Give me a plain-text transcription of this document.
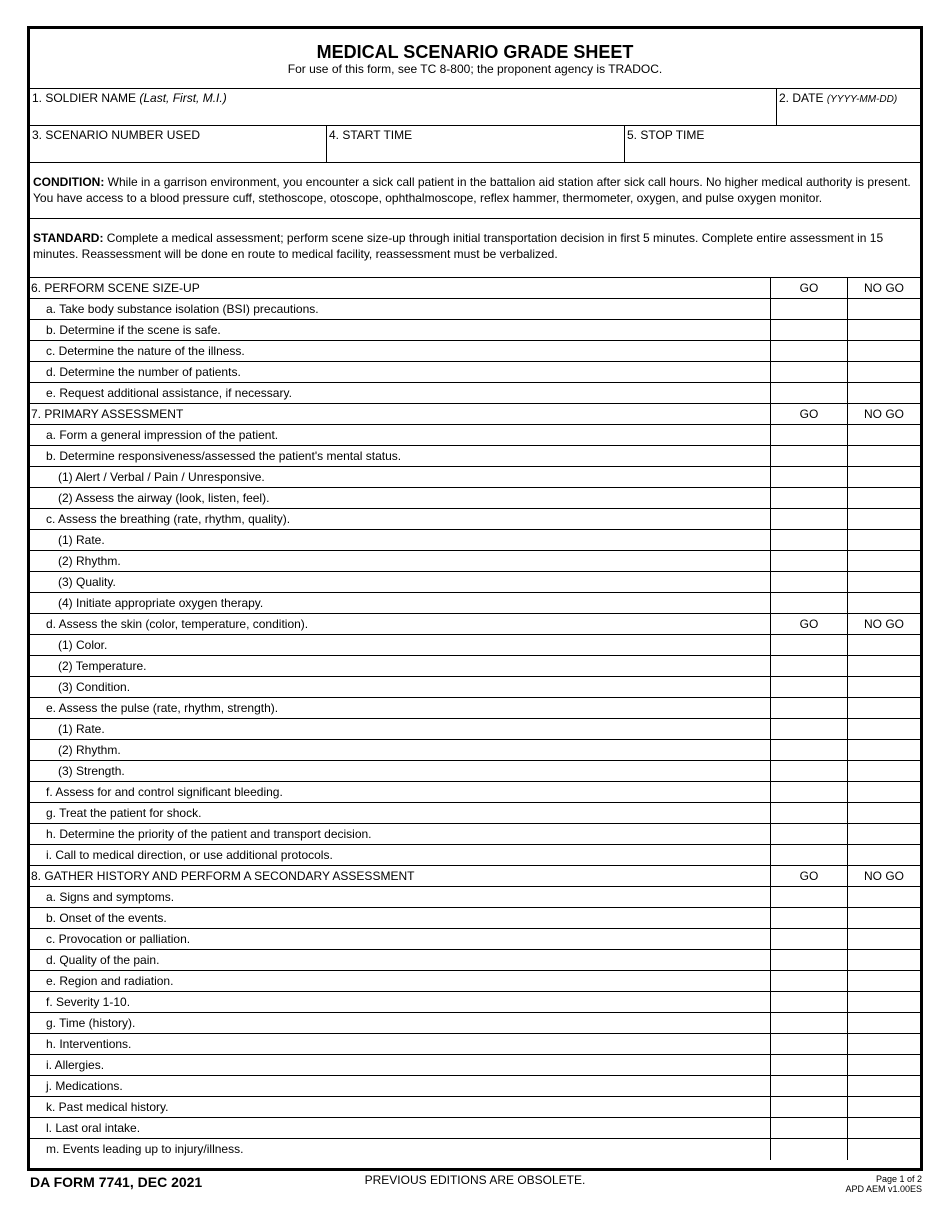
MEDICAL SCENARIO GRADE SHEET
For use of this form, see TC 8-800; the proponent agency is TRADOC.
1. SOLDIER NAME (Last, First, M.I.)	2. DATE (YYYY-MM-DD)
3. SCENARIO NUMBER USED	4. START TIME	5. STOP TIME
CONDITION: While in a garrison environment, you encounter a sick call patient in the battalion aid station after sick call hours. No higher medical authority is present. You have access to a blood pressure cuff, stethoscope, otoscope, ophthalmoscope, reflex hammer, thermometer, oxygen, and pulse oxygen monitor.
STANDARD: Complete a medical assessment; perform scene size-up through initial transportation decision in first 5 minutes. Complete entire assessment in 15 minutes. Reassessment will be done en route to medical facility, reassessment must be verbalized.
6. PERFORM SCENE SIZE-UP	GO	NO GO
a. Take body substance isolation (BSI) precautions.
b. Determine if the scene is safe.
c. Determine the nature of the illness.
d. Determine the number of patients.
e. Request additional assistance, if necessary.
7. PRIMARY ASSESSMENT	GO	NO GO
a. Form a general impression of the patient.
b. Determine responsiveness/assessed the patient's mental status.
(1) Alert / Verbal / Pain / Unresponsive.
(2) Assess the airway (look, listen, feel).
c. Assess the breathing (rate, rhythm, quality).
(1) Rate.
(2) Rhythm.
(3) Quality.
(4) Initiate appropriate oxygen therapy.
d. Assess the skin (color, temperature, condition).	GO	NO GO
(1) Color.
(2) Temperature.
(3) Condition.
e. Assess the pulse (rate, rhythm, strength).
(1) Rate.
(2) Rhythm.
(3) Strength.
f. Assess for and control significant bleeding.
g. Treat the patient for shock.
h. Determine the priority of the patient and transport decision.
i. Call to medical direction, or use additional protocols.
8. GATHER HISTORY AND PERFORM A SECONDARY ASSESSMENT	GO	NO GO
a. Signs and symptoms.
b. Onset of the events.
c. Provocation or palliation.
d. Quality of the pain.
e. Region and radiation.
f. Severity 1-10.
g. Time (history).
h. Interventions.
i. Allergies.
j. Medications.
k. Past medical history.
l. Last oral intake.
m. Events leading up to injury/illness.
DA FORM 7741, DEC 2021	PREVIOUS EDITIONS ARE OBSOLETE.	Page 1 of 2
APD AEM v1.00ES
